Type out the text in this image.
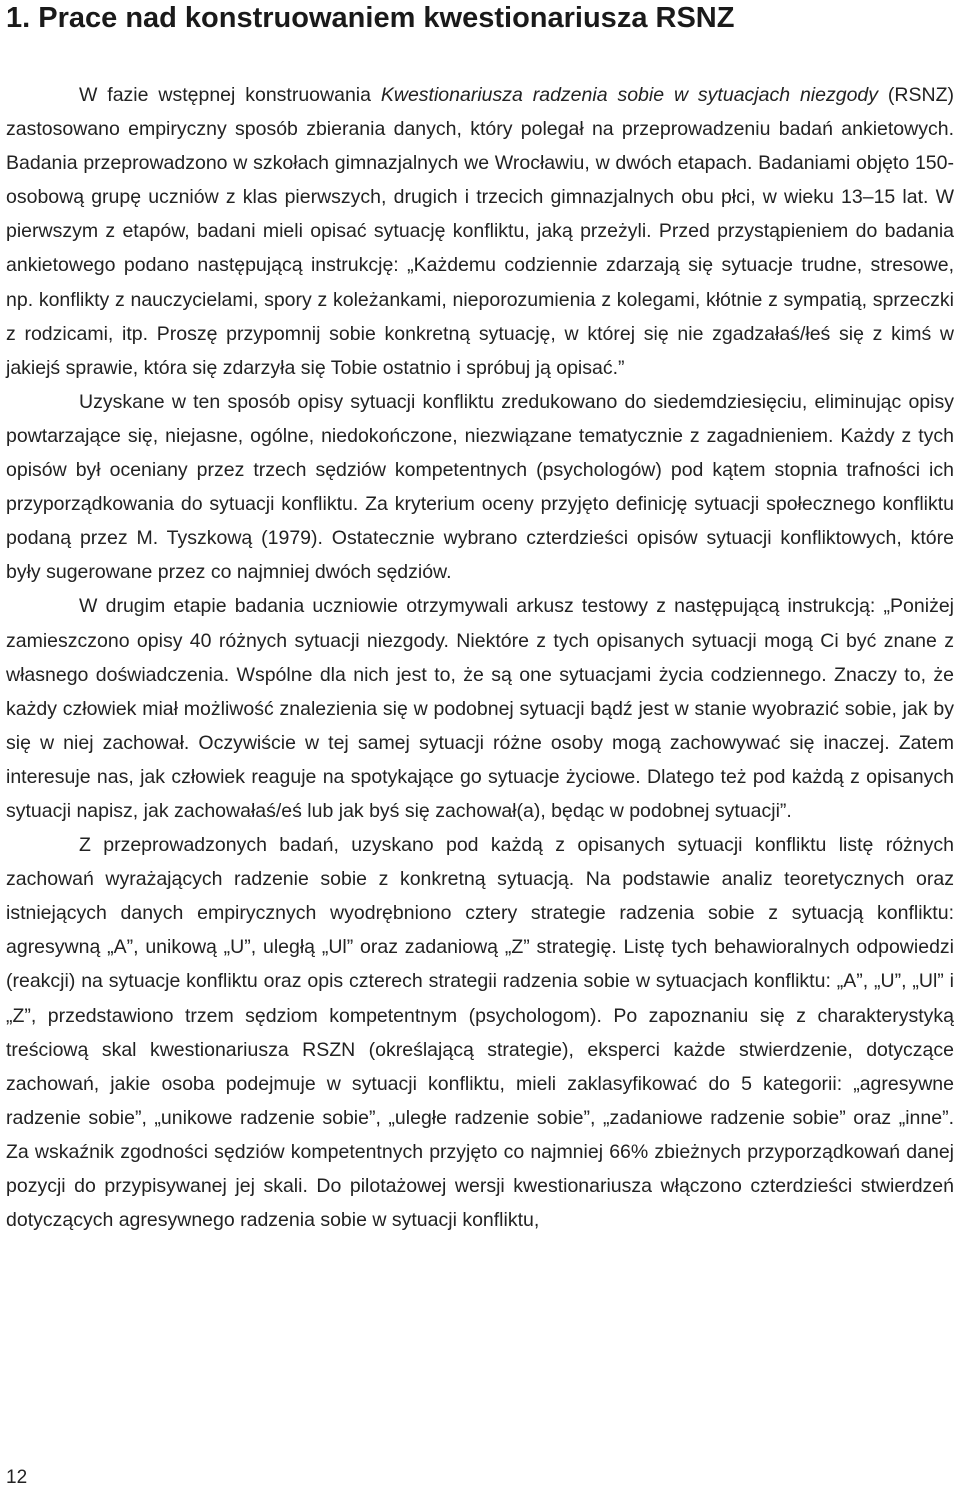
1. Prace nad konstruowaniem kwestionariusza RSNZ

W fazie wstępnej konstruowania Kwestionariusza radzenia sobie w sytuacjach niezgody (RSNZ) zastosowano empiryczny sposób zbierania danych, który polegał na przeprowadzeniu badań ankietowych. Badania przeprowadzono w szkołach gimnazjalnych we Wrocławiu, w dwóch etapach. Badaniami objęto 150-osobową grupę uczniów z klas pierwszych, drugich i trzecich gimnazjalnych obu płci, w wieku 13–15 lat. W pierwszym z etapów, badani mieli opisać sytuację konfliktu, jaką przeżyli. Przed przystąpieniem do badania ankietowego podano następującą instrukcję: „Każdemu codziennie zdarzają się sytuacje trudne, stresowe, np. konflikty z nauczycielami, spory z koleżankami, nieporozumienia z kolegami, kłótnie z sympatią, sprzeczki z rodzicami, itp. Proszę przypomnij sobie konkretną sytuację, w której się nie zgadzałaś/łeś się z kimś w jakiejś sprawie, która się zdarzyła się Tobie ostatnio i spróbuj ją opisać.”

Uzyskane w ten sposób opisy sytuacji konfliktu zredukowano do siedemdziesięciu, eliminując opisy powtarzające się, niejasne, ogólne, niedokończone, niezwiązane tematycznie z zagadnieniem. Każdy z tych opisów był oceniany przez trzech sędziów kompetentnych (psychologów) pod kątem stopnia trafności ich przyporządkowania do sytuacji konfliktu. Za kryterium oceny przyjęto definicję sytuacji społecznego konfliktu podaną przez M. Tyszkową (1979). Ostatecznie wybrano czterdzieści opisów sytuacji konfliktowych, które były sugerowane przez co najmniej dwóch sędziów.

W drugim etapie badania uczniowie otrzymywali arkusz testowy z następującą instrukcją: „Poniżej zamieszczono opisy 40 różnych sytuacji niezgody. Niektóre z tych opisanych sytuacji mogą Ci być znane z własnego doświadczenia. Wspólne dla nich jest to, że są one sytuacjami życia codziennego. Znaczy to, że każdy człowiek miał możliwość znalezienia się w podobnej sytuacji bądź jest w stanie wyobrazić sobie, jak by się w niej zachował. Oczywiście w tej samej sytuacji różne osoby mogą zachowywać się inaczej. Zatem interesuje nas, jak człowiek reaguje na spotykające go sytuacje życiowe. Dlatego też pod każdą z opisanych sytuacji napisz, jak zachowałaś/eś lub jak byś się zachował(a), będąc w podobnej sytuacji”.

Z przeprowadzonych badań, uzyskano pod każdą z opisanych sytuacji konfliktu listę różnych zachowań wyrażających radzenie sobie z konkretną sytuacją. Na podstawie analiz teoretycznych oraz istniejących danych empirycznych wyodrębniono cztery strategie radzenia sobie z sytuacją konfliktu: agresywną „A”, unikową „U”, uległą „Ul” oraz zadaniową „Z” strategię. Listę tych behawioralnych odpowiedzi (reakcji) na sytuacje konfliktu oraz opis czterech strategii radzenia sobie w sytuacjach konfliktu: „A”, „U”, „Ul” i „Z”, przedstawiono trzem sędziom kompetentnym (psychologom). Po zapoznaniu się z charakterystyką treściową skal kwestionariusza RSZN (określającą strategie), eksperci każde stwierdzenie, dotyczące zachowań, jakie osoba podejmuje w sytuacji konfliktu, mieli zaklasyfikować do 5 kategorii: „agresywne radzenie sobie”, „unikowe radzenie sobie”, „uległe radzenie sobie”, „zadaniowe radzenie sobie” oraz „inne”. Za wskaźnik zgodności sędziów kompetentnych przyjęto co najmniej 66% zbieżnych przyporządkowań danej pozycji do przypisywanej jej skali. Do pilotażowej wersji kwestionariusza włączono czterdzieści stwierdzeń dotyczących agresywnego radzenia sobie w sytuacji konfliktu,

12
